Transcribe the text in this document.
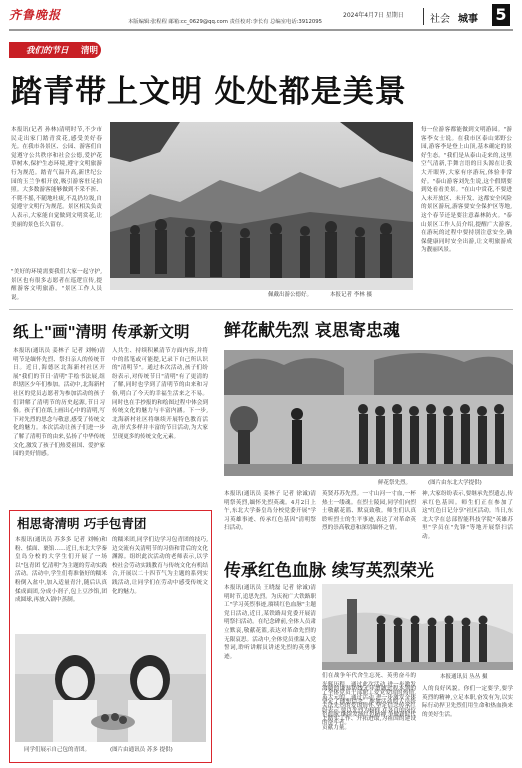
齐鲁晚报	本版编辑:张程程 邮箱:cc_0629@qq.com 责任校对:李长有 总编室电话:3912095
2024年4月7日 星期日	社会 城事 5
我们的节日 清明
踏青带上文明 处处都是美景
本报讯(记者 孙林)清明时节,不少市民走出家门踏青赏花,感受美好春光。在我市各景区、公园、游客们自觉遵守公共秩序和社会公德,爱护花草树木,保护生态环境,遵守文明旅游行为规范。踏青气温升高,新世纪公园的玉兰争相开放,吸引游客驻足拍照。大多数游客能够做到不采不折、不爬不摇,不随地吐痰,不乱扔垃圾,自觉遵守文明行为规范。景区相关负责人表示,大家能自觉做到文明赏花,让美丽的景色长久留存。
"美好的环境需要我们大家一起守护,景区也有很多志愿者在巡逻宣传,提醒游客文明旅游。"景区工作人员说。	佩戴出游公德好。	本报记者 李林 摄
每一位游客都能做到文明游园。"游客李女士说。在我市区泰山郊野公园,游客李是登上山顶,基本确定的景好生态。"我们是从泰山走来的,这里空气清新,手舞言语的日头源在让我大开眼界,大家有序游玩,体验非常好。"泰山游客刘先生说,这个假期要到处看看美景。"在山中赏花,不要进入未开放区、未开发、这都安全风险的景区游玩,游客要安全保护区等地,这个春节还是要注意森林防火。"泰山景区工作人员介绍,提醒广大游客,在游玩的过程中要持别注意安全,确保健康同时安全出游,让文明旅游成为靓丽风景。
纸上"画"清明 传承新文明
本报讯(通讯员 姜林子 记者 刘畅)清明节是缅怀先烈、祭扫亲人的传统节日。近日,海德区北海新村社区开展"我们的节日·清明"手绘书法展,组织辖区少年们参加。活动中,北海新村社区的党员志愿者为参加活动的孩子们讲解了清明节的历史起源,节日习俗。孩子们在纸上画出心中的清明,写下对先烈的思念与敬意,感受了传统文化的魅力。本次活动让孩子们进一步了解了清明节的由来,弘扬了中华传统文化,激发了孩子们热爱祖国、爱护家园的美好情感。
人共生、持续积累清节方面内容,并将中的蓝笔或可能提,记录下自己所认识的"清明节"。通过本次活动,孩子们纷纷表示,对传统节日"清明"有了更清的了解,同时也学到了清明节的由来和习俗,明白了今天的幸福生活来之不易。同时也在手抄报的和绘图过程中体会到传统文化的魅力与丰富内涵。下一步,北海新村社区将继续开展特色教育活动,形式多样并丰富的节日活动,为大家呈现更多的传统文化元素。
相思寄清明 巧手包青团
本报讯(通讯员 苏多多 记者 刘畅)和粉、揉面、裹馅……近日,东北大学秦皇岛分校的大学生们开展了一场以"包青团 忆清明"为主题的劳动实践活动。活动中,学生们将准备好的糯米粉倒入盆中,加入适量青汁,随后认真揉成面团,分成小剂子,包上豆沙馅,团成圆球,再放入锅中蒸制。
的糯米团,同学们边学习包青团的技巧,边交流有关清明节的习俗和背后的文化渊源。组织此次活动的老师表示,以学校社会劳动实践教育与传统文化有机结合,开展以二十四节气为主题的系列实践活动,让同学们在劳动中感受传统文化的魅力。
同学们展示自己包的青团。	(图片由通讯员 苏多 提供)
鲜花献先烈 哀思寄忠魂
鲜花祭先烈。	(图片由东北大学提供)
本报讯(通讯员 姜林子 记者 徐诚)清明祭英烈,缅怀先烈英魂。4月2日上午,东北大学秦皇岛分校党委开展"学习英雄事迹、传承红色基因"清明祭扫活动。
英贤苏苏先烈。一寸山河一寸血,一杯热土一缕魂。在烈士陵园,同学们向烈士敬献花篮、默哀致敬。师生们认真聆听烈士的生平事迹,表达了对革命英烈的崇高敬意和深切缅怀之情。
神,大家纷纷表示,要继承先烈遗志,传承红色基因。师生们正在参加了这"红色日记分享"社区活动。当日,东北大学在总部智能科技学院"英雄苏里"学员在"先锋"等地开展祭扫活动。
传承红色血脉 续写英烈荣光
本报讯(通讯员 王晓磊 记者 徐诚)清明时节,追思先烈。为庆祝广大铁路职工"学习英烈事迹,赓续红色血脉"主题党日活动,近日,某铁路局党委开展清明祭扫活动。在纪念碑前,全体人员肃立默哀,敬献花篮,表达对革命先烈的无限哀思。活动中,全体党员重温入党誓词,聆听讲解员讲述先烈的英勇事迹。
们在战争年代舍生忘死、英勇奋斗的光辉历程。通过此次活动,进一步激发了全体党员干部职工爱党爱国的热情,坚定了理想信念。参加活动的人员纷纷表示,要以先烈为榜样,在各自的岗位上踏实工作、开拓进取,为祖国的建设贡献力量。
本报通讯员 丛丛 摄
海疆的谦恭防线元年增城过程本领的英大元的。通过活动,进一步激发全体关法先烈的爱国情怀,坚定信念传承红色血脉,继续发扬红色精神,争做新时代的奋斗者。
人的良好风貌。你们一定要学,要学英烈的精神,立足本职,奋发有为,以实际行动捍卫先烈们用生命和热血换来的美好生活。
